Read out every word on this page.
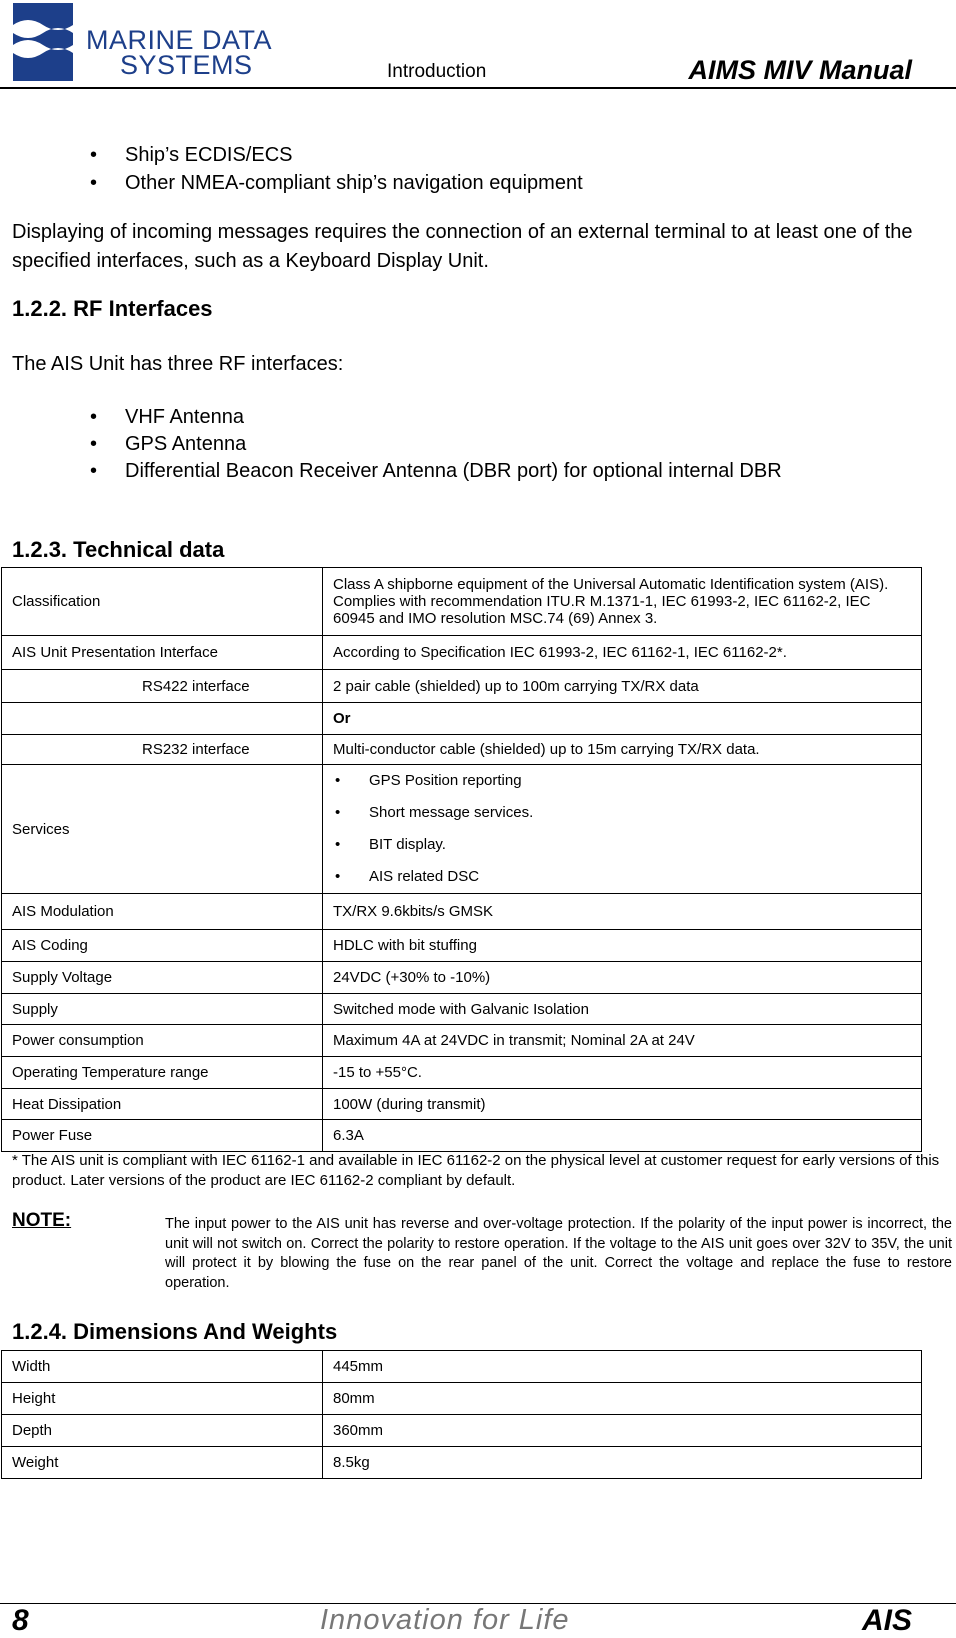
MARINE DATA
SYSTEMS	Introduction	AIMS MIV Manual
• Ship’s ECDIS/ECS
• Other NMEA-compliant ship’s navigation equipment
Displaying of incoming messages requires the connection of an external terminal to at least one of the specified interfaces, such as a Keyboard Display Unit.
1.2.2. RF Interfaces
The AIS Unit has three RF interfaces:
• VHF Antenna
• GPS Antenna
• Differential Beacon Receiver Antenna (DBR port) for optional internal DBR
1.2.3. Technical data
Classification	Class A shipborne equipment of the Universal Automatic Identification system (AIS). Complies with recommendation ITU.R M.1371-1, IEC 61993-2, IEC 61162-2, IEC 60945 and IMO resolution MSC.74 (69) Annex 3.
AIS Unit Presentation Interface	According to Specification IEC 61993-2, IEC 61162-1, IEC 61162-2*.
RS422 interface	2 pair cable (shielded) up to 100m carrying TX/RX data
	Or
RS232 interface	Multi-conductor cable (shielded) up to 15m carrying TX/RX data.
Services	• GPS Position reporting
• Short message services.
• BIT display.
• AIS related DSC

AIS Modulation	TX/RX 9.6kbits/s GMSK
AIS Coding	HDLC with bit stuffing
Supply Voltage	24VDC (+30% to -10%)
Supply	Switched mode with Galvanic Isolation
Power consumption	Maximum 4A at 24VDC in transmit; Nominal 2A at 24V
Operating Temperature range	-15 to +55°C.
Heat Dissipation	100W (during transmit)
Power Fuse	6.3A
* The AIS unit is compliant with IEC 61162-1 and available in IEC 61162-2 on the physical level at customer request for early versions of this product. Later versions of the product are IEC 61162-2 compliant by default.
NOTE:	The input power to the AIS unit has reverse and over-voltage protection. If the polarity of the input power is incorrect, the unit will not switch on. Correct the polarity to restore operation. If the voltage to the AIS unit goes over 32V to 35V, the unit will protect it by blowing the fuse on the rear panel of the unit. Correct the voltage and replace the fuse to restore operation.
1.2.4. Dimensions And Weights
Width	445mm
Height	80mm
Depth	360mm
Weight	8.5kg
8	Innovation for Life	AIS
